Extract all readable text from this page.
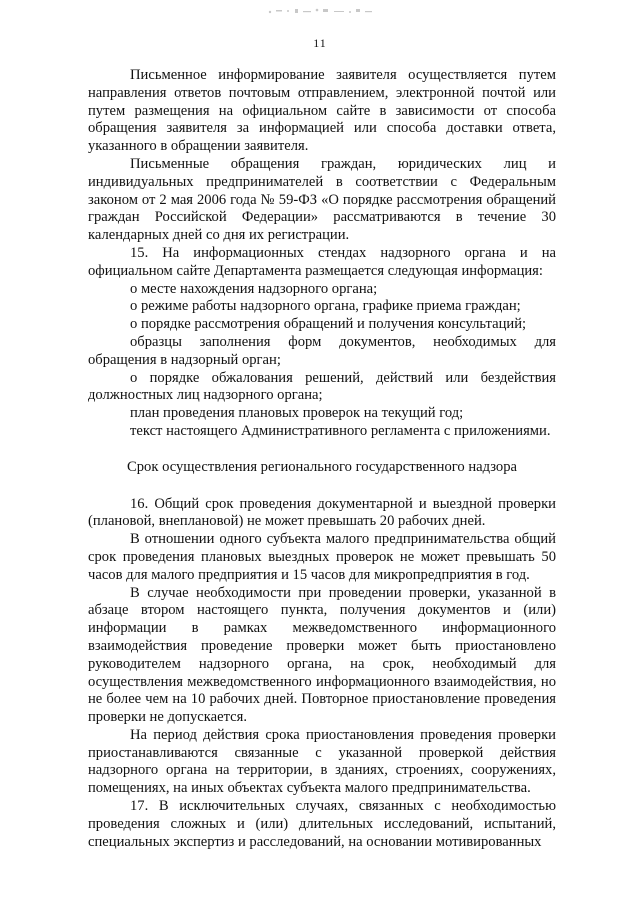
11

Письменное информирование заявителя осуществляется путем направления ответов почтовым отправлением, электронной почтой или путем размещения на официальном сайте в зависимости от способа обращения заявителя за информацией или способа доставки ответа, указанного в обращении заявителя.

Письменные обращения граждан, юридических лиц и индивидуальных предпринимателей в соответствии с Федеральным законом от 2 мая 2006 года № 59-ФЗ «О порядке рассмотрения обращений граждан Российской Федерации» рассматриваются в течение 30 календарных дней со дня их регистрации.

15. На информационных стендах надзорного органа и на официальном сайте Департамента размещается следующая информация:

о месте нахождения надзорного органа;

о режиме работы надзорного органа, графике приема граждан;

о порядке рассмотрения обращений и получения консультаций;

образцы заполнения форм документов, необходимых для обращения в надзорный орган;

о порядке обжалования решений, действий или бездействия должностных лиц надзорного органа;

план проведения плановых проверок на текущий год;

текст настоящего Административного регламента с приложениями.

Срок осуществления регионального государственного надзора

16. Общий срок проведения документарной и выездной проверки (плановой, внеплановой) не может превышать 20 рабочих дней.

В отношении одного субъекта малого предпринимательства общий срок проведения плановых выездных проверок не может превышать 50 часов для малого предприятия и 15 часов для микропредприятия в год.

В случае необходимости при проведении проверки, указанной в абзаце втором настоящего пункта, получения документов и (или) информации в рамках межведомственного информационного взаимодействия проведение проверки может быть приостановлено руководителем надзорного органа, на срок, необходимый для осуществления межведомственного информационного взаимодействия, но не более чем на 10 рабочих дней. Повторное приостановление проведения проверки не допускается.

На период действия срока приостановления проведения проверки приостанавливаются связанные с указанной проверкой действия надзорного органа на территории, в зданиях, строениях, сооружениях, помещениях, на иных объектах субъекта малого предпринимательства.

17. В исключительных случаях, связанных с необходимостью проведения сложных и (или) длительных исследований, испытаний, специальных экспертиз и расследований, на основании мотивированных
